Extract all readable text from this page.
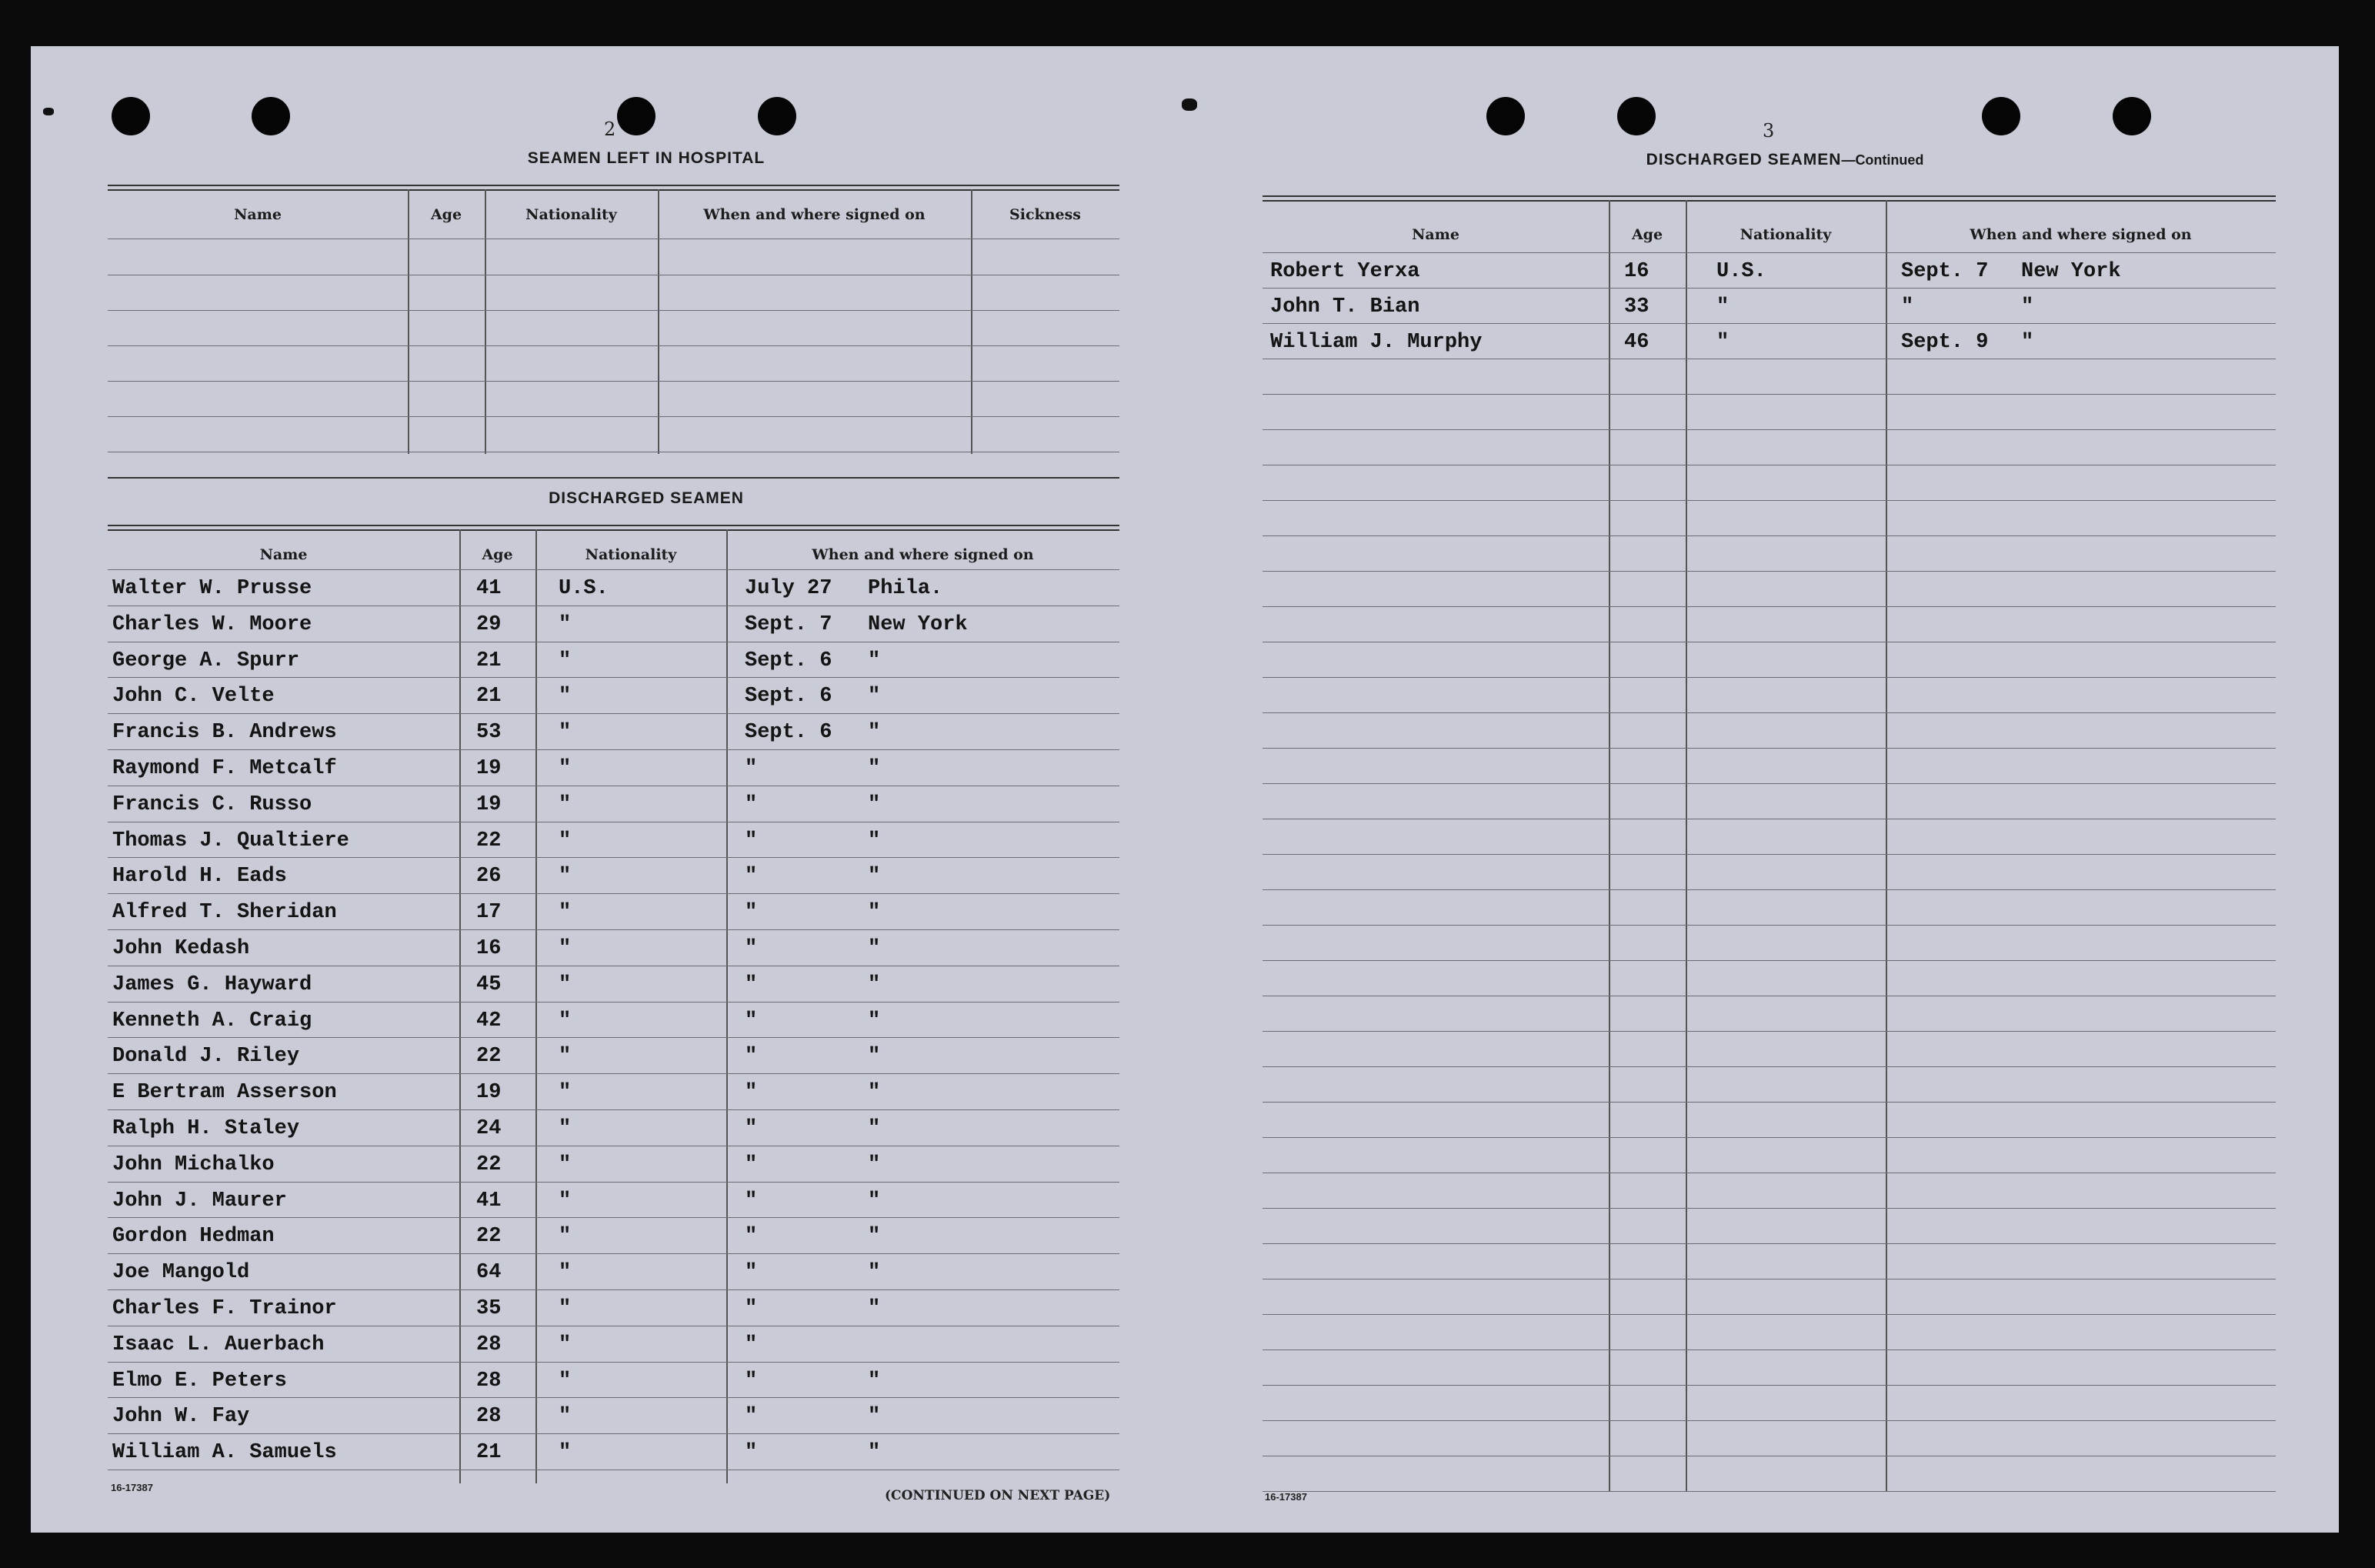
2
SEAMEN LEFT IN HOSPITAL
Name	Age	Nationality	When and where signed on	Sickness
DISCHARGED SEAMEN
Name	Age	Nationality	When and where signed on
Walter W. Prusse	41	U.S.	July 27 Phila.
Charles W. Moore	29	"	Sept. 7 New York
George A. Spurr	21	"	Sept. 6 "
John C. Velte	21	"	Sept. 6 "
Francis B. Andrews	53	"	Sept. 6 "
Raymond F. Metcalf	19	"	"	"
Francis C. Russo	19	"	"	"
Thomas J. Qualtiere	22	"	"	"
Harold H. Eads	26	"	"	"
Alfred T. Sheridan	17	"	"	"
John Kedash	16	"	"	"
James G. Hayward	45	"	"	"
Kenneth A. Craig	42	"	"	"
Donald J. Riley	22	"	"	"
E Bertram Asserson	19	"	"	"
Ralph H. Staley	24	"	"	"
John Michalko	22	"	"	"
John J. Maurer	41	"	"	"
Gordon Hedman	22	"	"	"
Joe Mangold	64	"	"	"
Charles F. Trainor	35	"	"	"
Isaac L. Auerbach	28	"	"
Elmo E. Peters	28	"	"	"
John W. Fay	28	"	"	"
William A. Samuels	21	"	"	"
16-17387
(CONTINUED ON NEXT PAGE)
3
DISCHARGED SEAMEN—Continued
Name	Age	Nationality	When and where signed on
Robert Yerxa	16	U.S.	Sept. 7 New York
John T. Bian	33	"	"	"
William J. Murphy	46	"	Sept. 9 "
16-17387
